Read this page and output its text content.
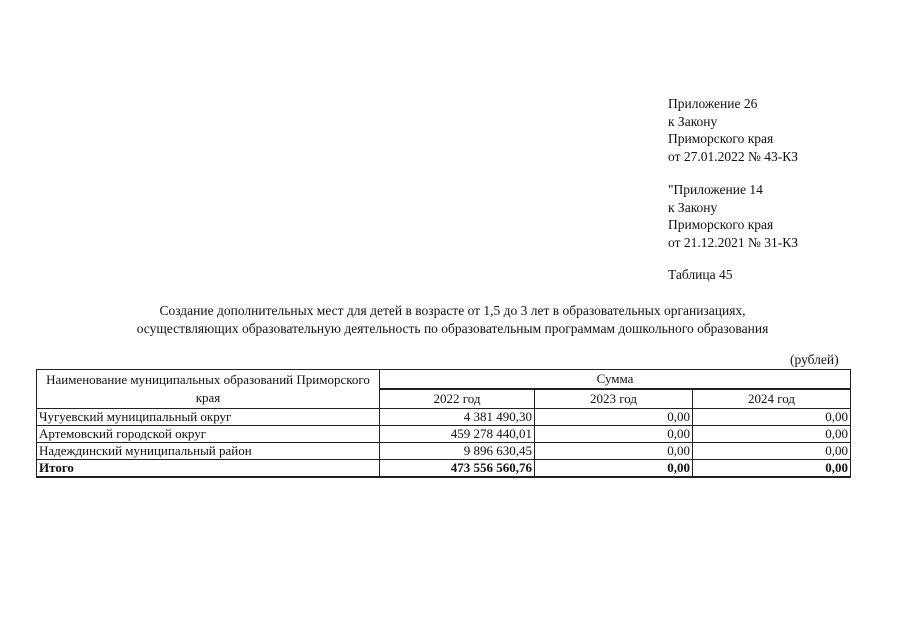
Приложение 26
к Закону
Приморского края
от 27.01.2022 № 43-КЗ
"Приложение 14
к Закону
Приморского края
от 21.12.2021 № 31-КЗ
Таблица 45
Создание дополнительных мест для детей в возрасте от 1,5 до 3 лет в образовательных организациях,
осуществляющих образовательную деятельность по образовательным программам дошкольного образования
(рублей)
Наименование муниципальных образований Приморского края	Сумма		
	2022 год	2023 год	2024 год
Чугуевский муниципальный округ	4 381 490,30	0,00	0,00
Артемовский городской округ	459 278 440,01	0,00	0,00
Надеждинский муниципальный район	9 896 630,45	0,00	0,00
Итого	473 556 560,76	0,00	0,00
